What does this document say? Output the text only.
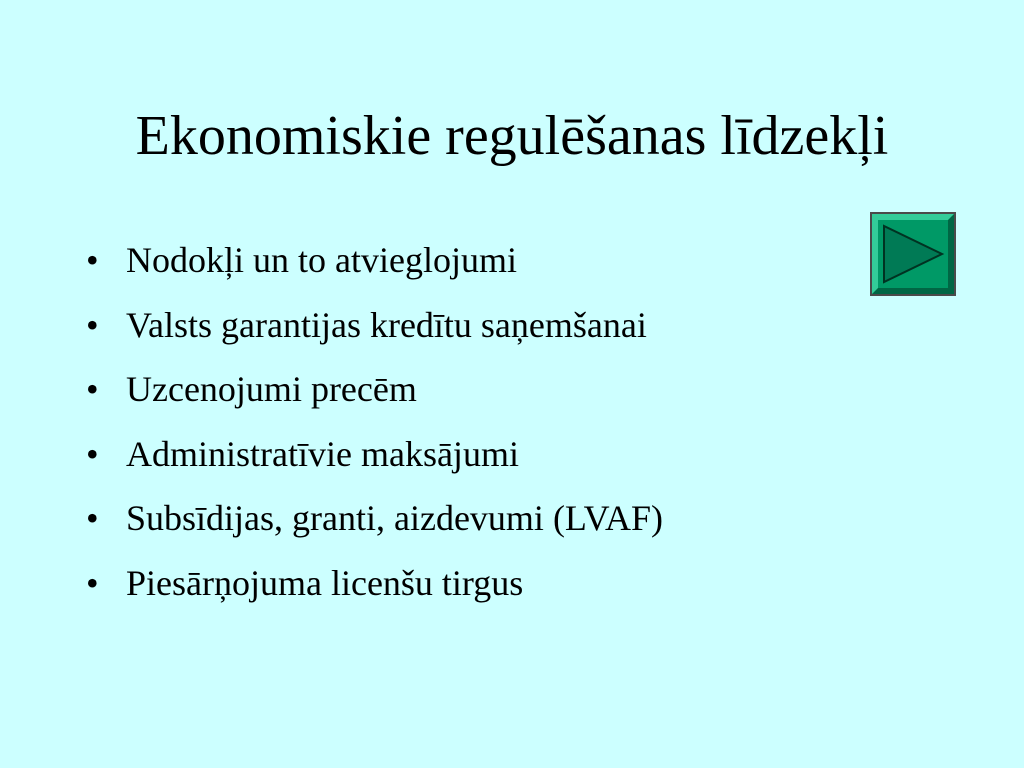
Ekonomiskie regulēšanas līdzekļi
• Nodokļi un to atvieglojumi
• Valsts garantijas kredītu saņemšanai
• Uzcenojumi precēm
• Administratīvie maksājumi
• Subsīdijas, granti, aizdevumi (LVAF)
• Piesārņojuma licenšu tirgus
